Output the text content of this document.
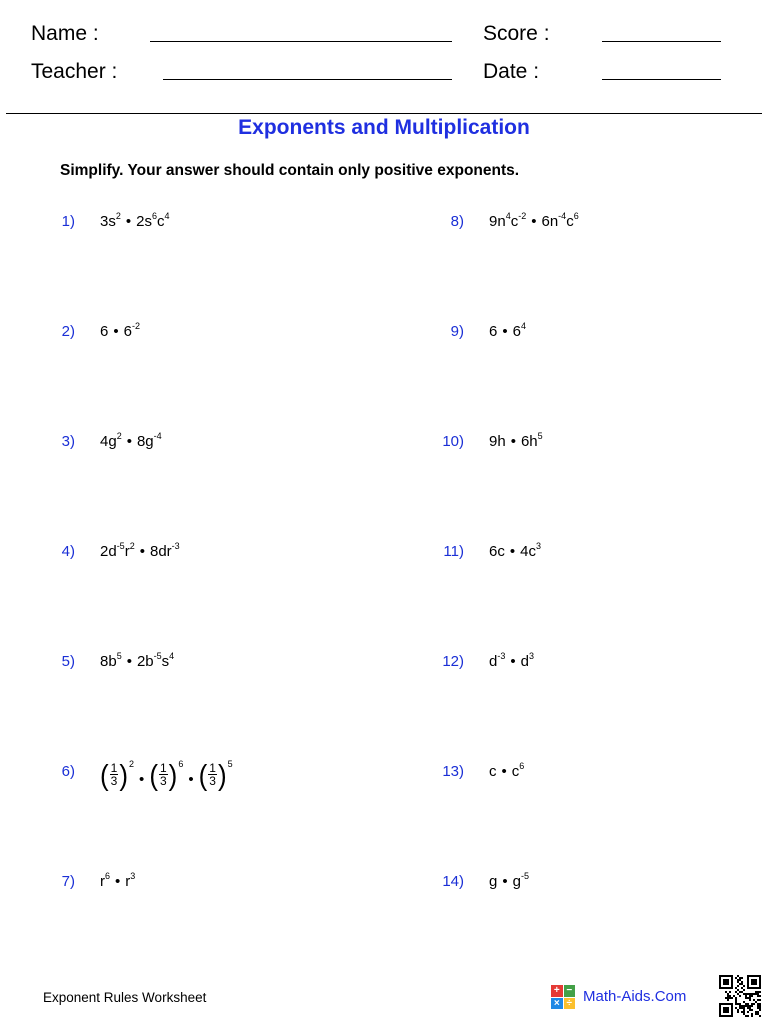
Name :
Teacher :
Score :
Date :
Exponents and Multiplication
Simplify. Your answer should contain only positive exponents.
1) $3s^2$ • $2s^6c^4$
2) 6 • $6^{-2}$
3) $4g^2$ • $8g^{-4}$
4) $2d^{-5}r^2$ • $8dr^{-3}$
5) $8b^5$ • $2b^{-5}s^4$
6) ( $\frac{1}{3}$ ) 2
• ( $\frac{1}{3}$ ) 6
• ( $\frac{1}{3}$ ) 5
7) $r^6$ • $r^3$
8) $9n^4c^{-2}$ • $6n^{-4}c^6$
9) 6 • $6^4$
10) 9h • $6h^5$
11) 6c • $4c^3$
12) $d^{-3}$ • $d^3$
13) c • $c^6$
14) g • $g^{-5}$
Exponent Rules Worksheet	+ −
× ÷ Math-Aids.Com
